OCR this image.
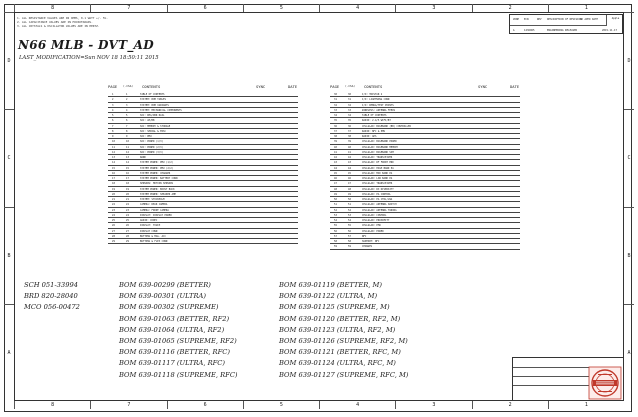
8	7	6	5	4	3	2	1
8	7	6	5	4	3	2	1
D
C
B
A
D
C
B
A
1. ALL RESISTANCE VALUES ARE IN OHMS, 0.1 WATT +/- 5%.
2. ALL CAPACITANCE VALUES ARE IN MICROFARADS.
3. ALL CRYSTALS & OSCILLATOR VALUES ARE IN HERTZ.
N66 MLB - DVT_AD
LAST_MODIFICATION=Sun NOV 18 18:50:11 2015
ZONE ECN	REV DESCRIPTION OF REVISION
CK APPD DATE
A	1236965	ENGINEERING RELEASED	2015-11-17
Apple
PAGE (.CSA) CONTENTS	SYNC	DATE
1	1	TABLE OF CONTENTS
2	2	SYSTEM: BOM TABLES
3	3	SYSTEM: BOM VARIANTS
4	4	SYSTEM: MECHANICAL COMPONENTS
5	5	SOC: REG/PWR RAIL
6	6	SOC: AP/BB
7	7	SOC: MEMORY & STORAGE
8	8	SOC: SERIAL & MISC
9	9	SOC: PMU
10	10	SOC: POWER (1/3)
11	11	SOC: POWER (2/3)
12	12	SOC: POWER (3/3)
13	13	NAND
14	14	SYSTEM POWER: PMU (1/2)
15	15	SYSTEM POWER: PMU (2/2)
16	16	SYSTEM POWER: CHARGER
17	17	SYSTEM POWER: BATTERY CONN
18	18	SENSORS: MOTION SENSORS
19	19	SYSTEM POWER: BOOST BUCK
20	20	SYSTEM POWER: SPEAKER AMP
21	21	SYSTEM: STOCKHOLM
22	22	CAMERA: REAR CAMERA
23	23	CAMERA: FRONT CAMERA
24	24	DISPLAY: DISPLAY POWER
25	25	AUDIO: CODEC
26	26	DISPLAY: TOUCH
27	27	DISPLAY CONN
28	28	BUTTONS & MAG. ACC
29	29	BUTTONS & FLEX CONN
PAGE (.CSA) CONTENTS	SYNC	DATE
30	30	I/O: TRISTAR 2
31	31	I/O: LIGHTNING CONN
32	32	I/O: DEBUG/TEST POINTS
33	33	WIRELESS: ANTENNA FEEDS
34	34	TABLE OF CONTENTS
35	35	RADIO: 2.4/5 WIFI/BT
36	36	CELLULAR: BASEBAND (BB) CONTROLLER
37	37	RADIO: NFC & PMU
38	38	RADIO: GPS
39	39	CELLULAR: BASEBAND POWER
40	40	CELLULAR: BASEBAND MEMORY
41	41	CELLULAR: BASEBAND SIM
42	42	CELLULAR: TRANSCEIVER
43	43	CELLULAR: RF FRONT END
44	44	CELLULAR: HIGH BAND PA
45	45	CELLULAR: MID BAND PA
46	46	CELLULAR: LOW BAND PA
47	47	CELLULAR: TRANSCEIVER
48	48	CELLULAR: RX DIVERSITY
49	49	CELLULAR: PA CONTROL
50	50	CELLULAR: PA CTRL/LNA
51	51	CELLULAR: ANTENNA SWITCH
52	52	CELLULAR: ANTENNA TUNING
53	53	CELLULAR: CONTROL
54	54	CELLULAR: PROXIMITY
55	55	CELLULAR: PMU
56	56	CELLULAR: POWER
57	57	NFC
58	58	SUPPORT: NFC
59	59	CHANGES
SCH 051-33994
BRD 820-28040
MCO 056-00472
BOM 639-00299 (BETTER)
BOM 639-00301 (ULTRA)
BOM 639-00302 (SUPREME)
BOM 639-01063 (BETTER, RF2)
BOM 639-01064 (ULTRA, RF2)
BOM 639-01065 (SUPREME, RF2)
BOM 639-01116 (BETTER, RFC)
BOM 639-01117 (ULTRA, RFC)
BOM 639-01118 (SUPREME, RFC)
BOM 639-01119 (BETTER, M)
BOM 639-01122 (ULTRA, M)
BOM 639-01125 (SUPREME, M)
BOM 639-01120 (BETTER, RF2, M)
BOM 639-01123 (ULTRA, RF2, M)
BOM 639-01126 (SUPREME, RF2, M)
BOM 639-01121 (BETTER, RFC, M)
BOM 639-01124 (ULTRA, RFC, M)
BOM 639-01127 (SUPREME, RFC, M)
